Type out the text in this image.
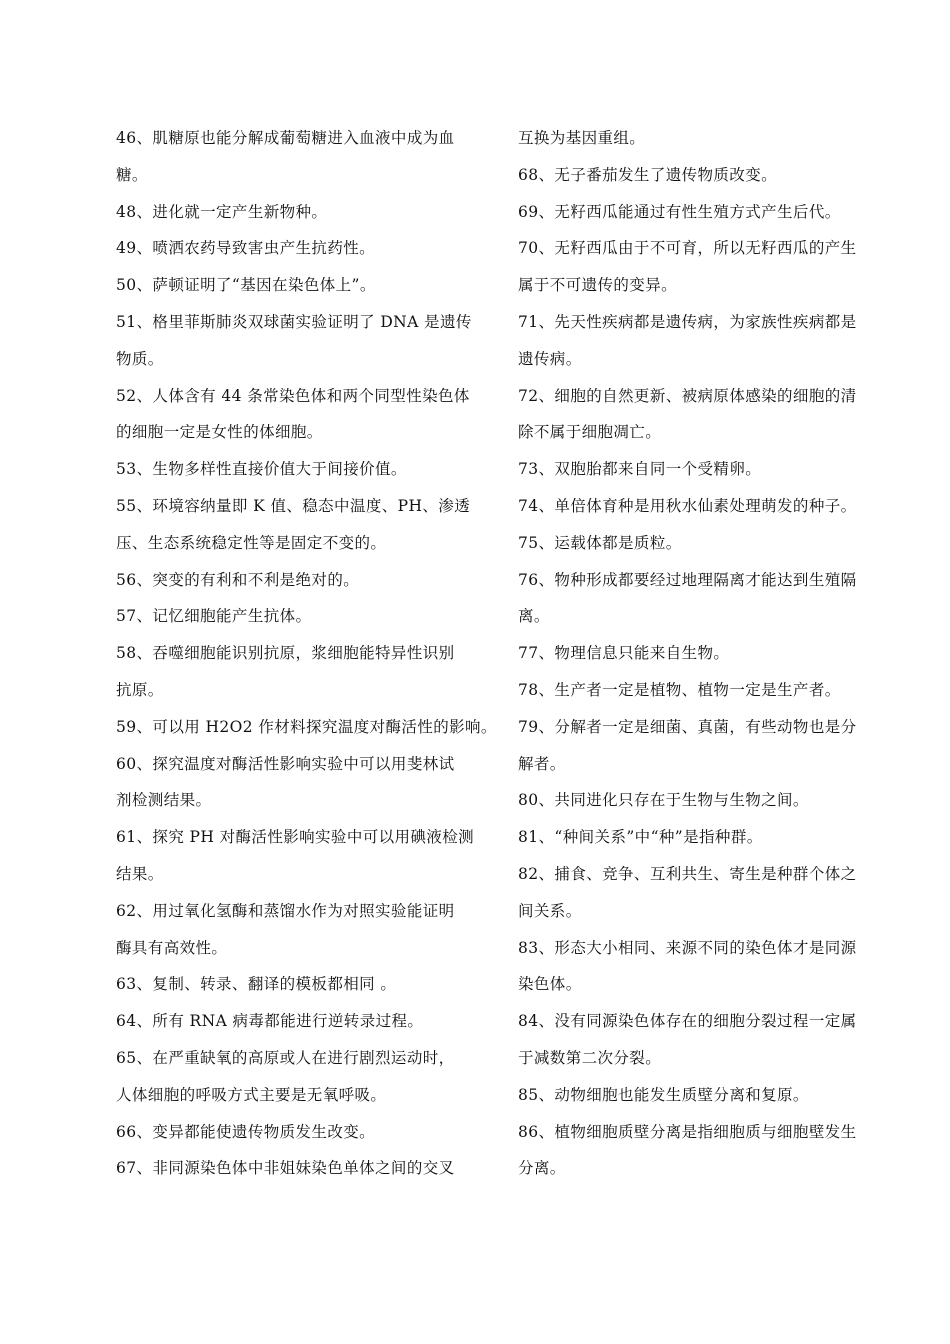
46、肌糖原也能分解成葡萄糖进入血液中成为血
糖。
48、进化就一定产生新物种。
49、喷洒农药导致害虫产生抗药性。
50、萨顿证明了“基因在染色体上”。
51、格里菲斯肺炎双球菌实验证明了 DNA 是遗传
物质。
52、人体含有 44 条常染色体和两个同型性染色体
的细胞一定是女性的体细胞。
53、生物多样性直接价值大于间接价值。
55、环境容纳量即 K 值、稳态中温度、PH、渗透
压、生态系统稳定性等是固定不变的。
56、突变的有利和不利是绝对的。
57、记忆细胞能产生抗体。
58、吞噬细胞能识别抗原，浆细胞能特异性识别
抗原。
59、可以用 H2O2 作材料探究温度对酶活性的影响。
60、探究温度对酶活性影响实验中可以用斐林试
剂检测结果。
61、探究 PH 对酶活性影响实验中可以用碘液检测
结果。
62、用过氧化氢酶和蒸馏水作为对照实验能证明
酶具有高效性。
63、复制、转录、翻译的模板都相同 。
64、所有 RNA 病毒都能进行逆转录过程。
65、在严重缺氧的高原或人在进行剧烈运动时，
人体细胞的呼吸方式主要是无氧呼吸。
66、变异都能使遗传物质发生改变。
67、非同源染色体中非姐妹染色单体之间的交叉
互换为基因重组。
68、无子番茄发生了遗传物质改变。
69、无籽西瓜能通过有性生殖方式产生后代。
70、无籽西瓜由于不可育，所以无籽西瓜的产生
属于不可遗传的变异。
71、先天性疾病都是遗传病，为家族性疾病都是
遗传病。
72、细胞的自然更新、被病原体感染的细胞的清
除不属于细胞凋亡。
73、双胞胎都来自同一个受精卵。
74、单倍体育种是用秋水仙素处理萌发的种子。
75、运载体都是质粒。
76、物种形成都要经过地理隔离才能达到生殖隔
离。
77、物理信息只能来自生物。
78、生产者一定是植物、植物一定是生产者。
79、分解者一定是细菌、真菌，有些动物也是分
解者。
80、共同进化只存在于生物与生物之间。
81、“种间关系”中“种”是指种群。
82、捕食、竞争、互利共生、寄生是种群个体之
间关系。
83、形态大小相同、来源不同的染色体才是同源
染色体。
84、没有同源染色体存在的细胞分裂过程一定属
于减数第二次分裂。
85、动物细胞也能发生质壁分离和复原。
86、植物细胞质壁分离是指细胞质与细胞壁发生
分离。
